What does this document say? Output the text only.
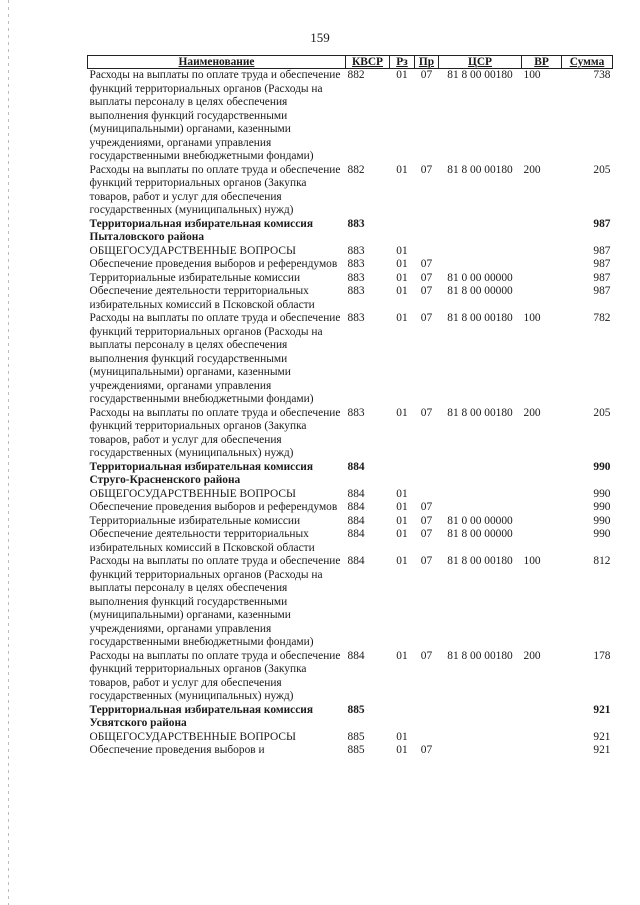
159
Наименование	КВСР	Рз	Пр	ЦСР	ВР	Сумма
Расходы на выплаты по оплате труда и обеспечение функций территориальных органов (Расходы на выплаты персоналу в целях обеспечения выполнения функций государственными (муниципальными) органами, казенными учреждениями, органами управления государственными внебюджетными фондами)	882	01	07	81 8 00 00180	100	738
Расходы на выплаты по оплате труда и обеспечение функций территориальных органов (Закупка товаров, работ и услуг для обеспечения государственных (муниципальных) нужд)	882	01	07	81 8 00 00180	200	205
Территориальная избирательная комиссия Пыталовского района	883					987
ОБЩЕГОСУДАРСТВЕННЫЕ ВОПРОСЫ	883	01				987
Обеспечение проведения выборов и референдумов	883	01	07			987
Территориальные избирательные комиссии	883	01	07	81 0 00 00000		987
Обеспечение деятельности территориальных избирательных комиссий в Псковской области	883	01	07	81 8 00 00000		987
Расходы на выплаты по оплате труда и обеспечение функций территориальных органов (Расходы на выплаты персоналу в целях обеспечения выполнения функций государственными (муниципальными) органами, казенными учреждениями, органами управления государственными внебюджетными фондами)	883	01	07	81 8 00 00180	100	782
Расходы на выплаты по оплате труда и обеспечение функций территориальных органов (Закупка товаров, работ и услуг для обеспечения государственных (муниципальных) нужд)	883	01	07	81 8 00 00180	200	205
Территориальная избирательная комиссия Струго-Красненского района	884					990
ОБЩЕГОСУДАРСТВЕННЫЕ ВОПРОСЫ	884	01				990
Обеспечение проведения выборов и референдумов	884	01	07			990
Территориальные избирательные комиссии	884	01	07	81 0 00 00000		990
Обеспечение деятельности территориальных избирательных комиссий в Псковской области	884	01	07	81 8 00 00000		990
Расходы на выплаты по оплате труда и обеспечение функций территориальных органов (Расходы на выплаты персоналу в целях обеспечения выполнения функций государственными (муниципальными) органами, казенными учреждениями, органами управления государственными внебюджетными фондами)	884	01	07	81 8 00 00180	100	812
Расходы на выплаты по оплате труда и обеспечение функций территориальных органов (Закупка товаров, работ и услуг для обеспечения государственных (муниципальных) нужд)	884	01	07	81 8 00 00180	200	178
Территориальная избирательная комиссия Усвятского района	885					921
ОБЩЕГОСУДАРСТВЕННЫЕ ВОПРОСЫ	885	01				921
Обеспечение проведения выборов и	885	01	07			921
